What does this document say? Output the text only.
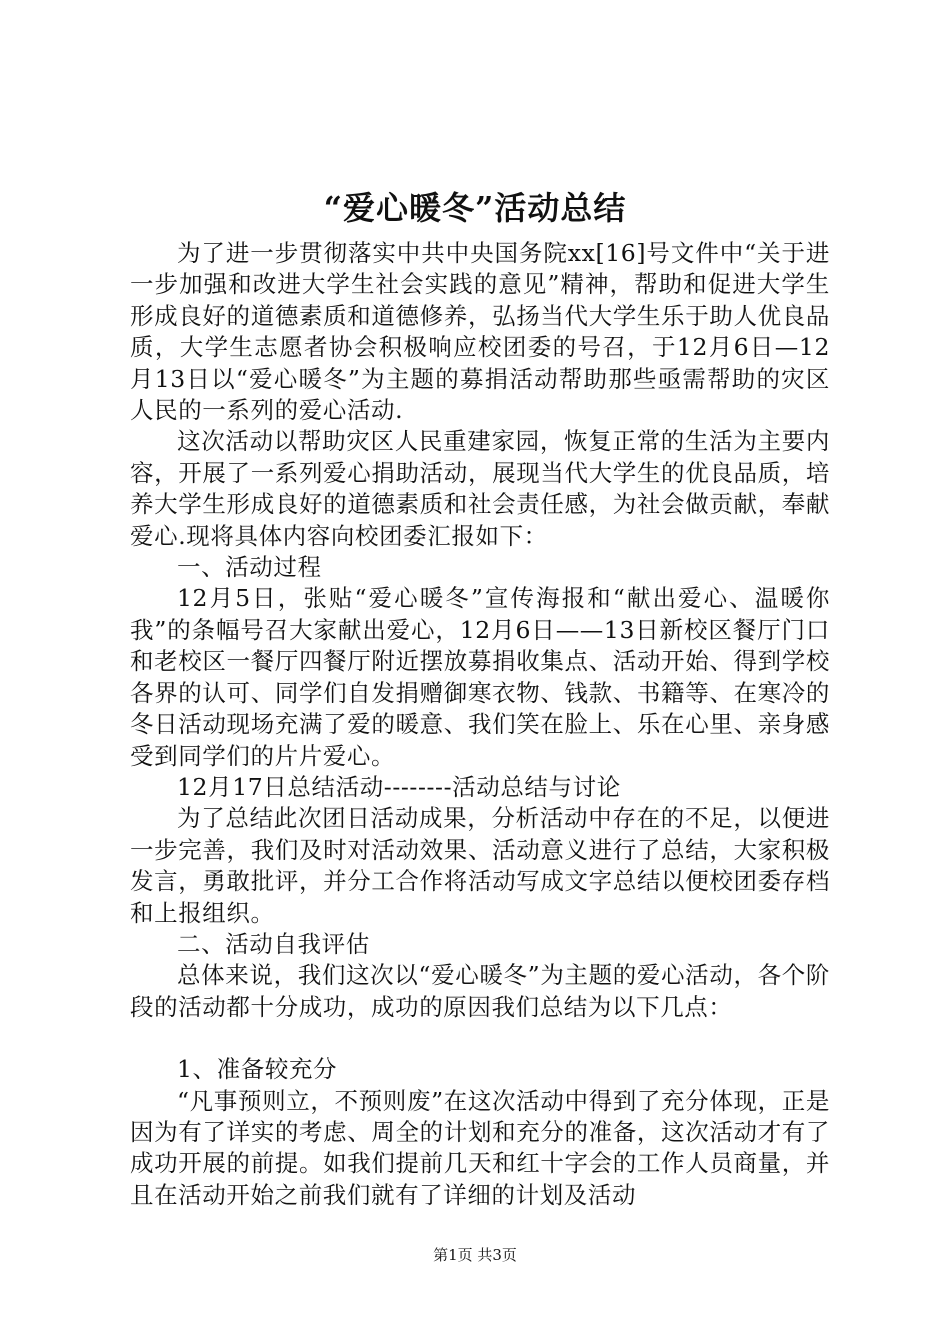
“爱心暖冬”活动总结

为了进一步贯彻落实中共中央国务院xx[16]号文件中“关于进一步加强和改进大学生社会实践的意见”精神，帮助和促进大学生形成良好的道德素质和道德修养，弘扬当代大学生乐于助人优良品质，大学生志愿者协会积极响应校团委的号召，于12月6日—12月13日以“爱心暖冬”为主题的募捐活动帮助那些亟需帮助的灾区人民的一系列的爱心活动.

这次活动以帮助灾区人民重建家园，恢复正常的生活为主要内容，开展了一系列爱心捐助活动，展现当代大学生的优良品质，培养大学生形成良好的道德素质和社会责任感，为社会做贡献，奉献爱心.现将具体内容向校团委汇报如下：

一、活动过程

12月5日，张贴“爱心暖冬”宣传海报和“献出爱心、温暖你我”的条幅号召大家献出爱心，12月6日——13日新校区餐厅门口和老校区一餐厅四餐厅附近摆放募捐收集点、活动开始、得到学校各界的认可、同学们自发捐赠御寒衣物、钱款、书籍等、在寒冷的冬日活动现场充满了爱的暖意、我们笑在脸上、乐在心里、亲身感受到同学们的片片爱心。

12月17日总结活动--------活动总结与讨论

为了总结此次团日活动成果，分析活动中存在的不足，以便进一步完善，我们及时对活动效果、活动意义进行了总结，大家积极发言，勇敢批评，并分工合作将活动写成文字总结以便校团委存档和上报组织。

二、活动自我评估

总体来说，我们这次以“爱心暖冬”为主题的爱心活动，各个阶段的活动都十分成功，成功的原因我们总结为以下几点：

1、准备较充分

“凡事预则立，不预则废”在这次活动中得到了充分体现，正是因为有了详实的考虑、周全的计划和充分的准备，这次活动才有了成功开展的前提。如我们提前几天和红十字会的工作人员商量，并且在活动开始之前我们就有了详细的计划及活动

第1页 共3页
